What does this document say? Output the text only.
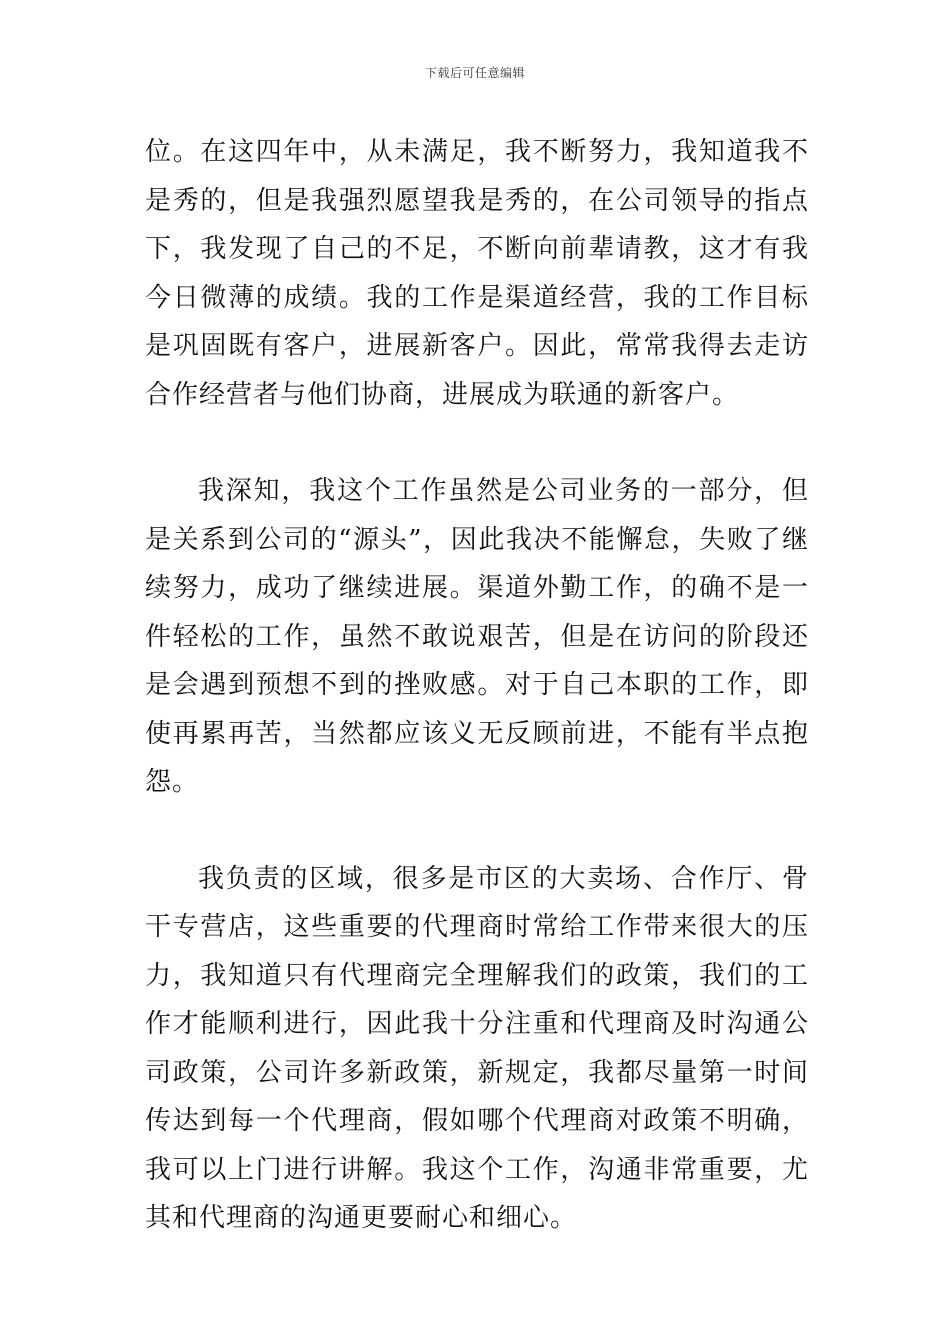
下载后可任意编辑

位。在这四年中，从未满足，我不断努力，我知道我不是秀的，但是我强烈愿望我是秀的，在公司领导的指点下，我发现了自己的不足，不断向前辈请教，这才有我今日微薄的成绩。我的工作是渠道经营，我的工作目标是巩固既有客户，进展新客户。因此，常常我得去走访合作经营者与他们协商，进展成为联通的新客户。

我深知，我这个工作虽然是公司业务的一部分，但是关系到公司的“源头”，因此我决不能懈怠，失败了继续努力，成功了继续进展。渠道外勤工作，的确不是一件轻松的工作，虽然不敢说艰苦，但是在访问的阶段还是会遇到预想不到的挫败感。对于自己本职的工作，即使再累再苦，当然都应该义无反顾前进，不能有半点抱怨。

我负责的区域，很多是市区的大卖场、合作厅、骨干专营店，这些重要的代理商时常给工作带来很大的压力，我知道只有代理商完全理解我们的政策，我们的工作才能顺利进行，因此我十分注重和代理商及时沟通公司政策，公司许多新政策，新规定，我都尽量第一时间传达到每一个代理商，假如哪个代理商对政策不明确，我可以上门进行讲解。我这个工作，沟通非常重要，尤其和代理商的沟通更要耐心和细心。
